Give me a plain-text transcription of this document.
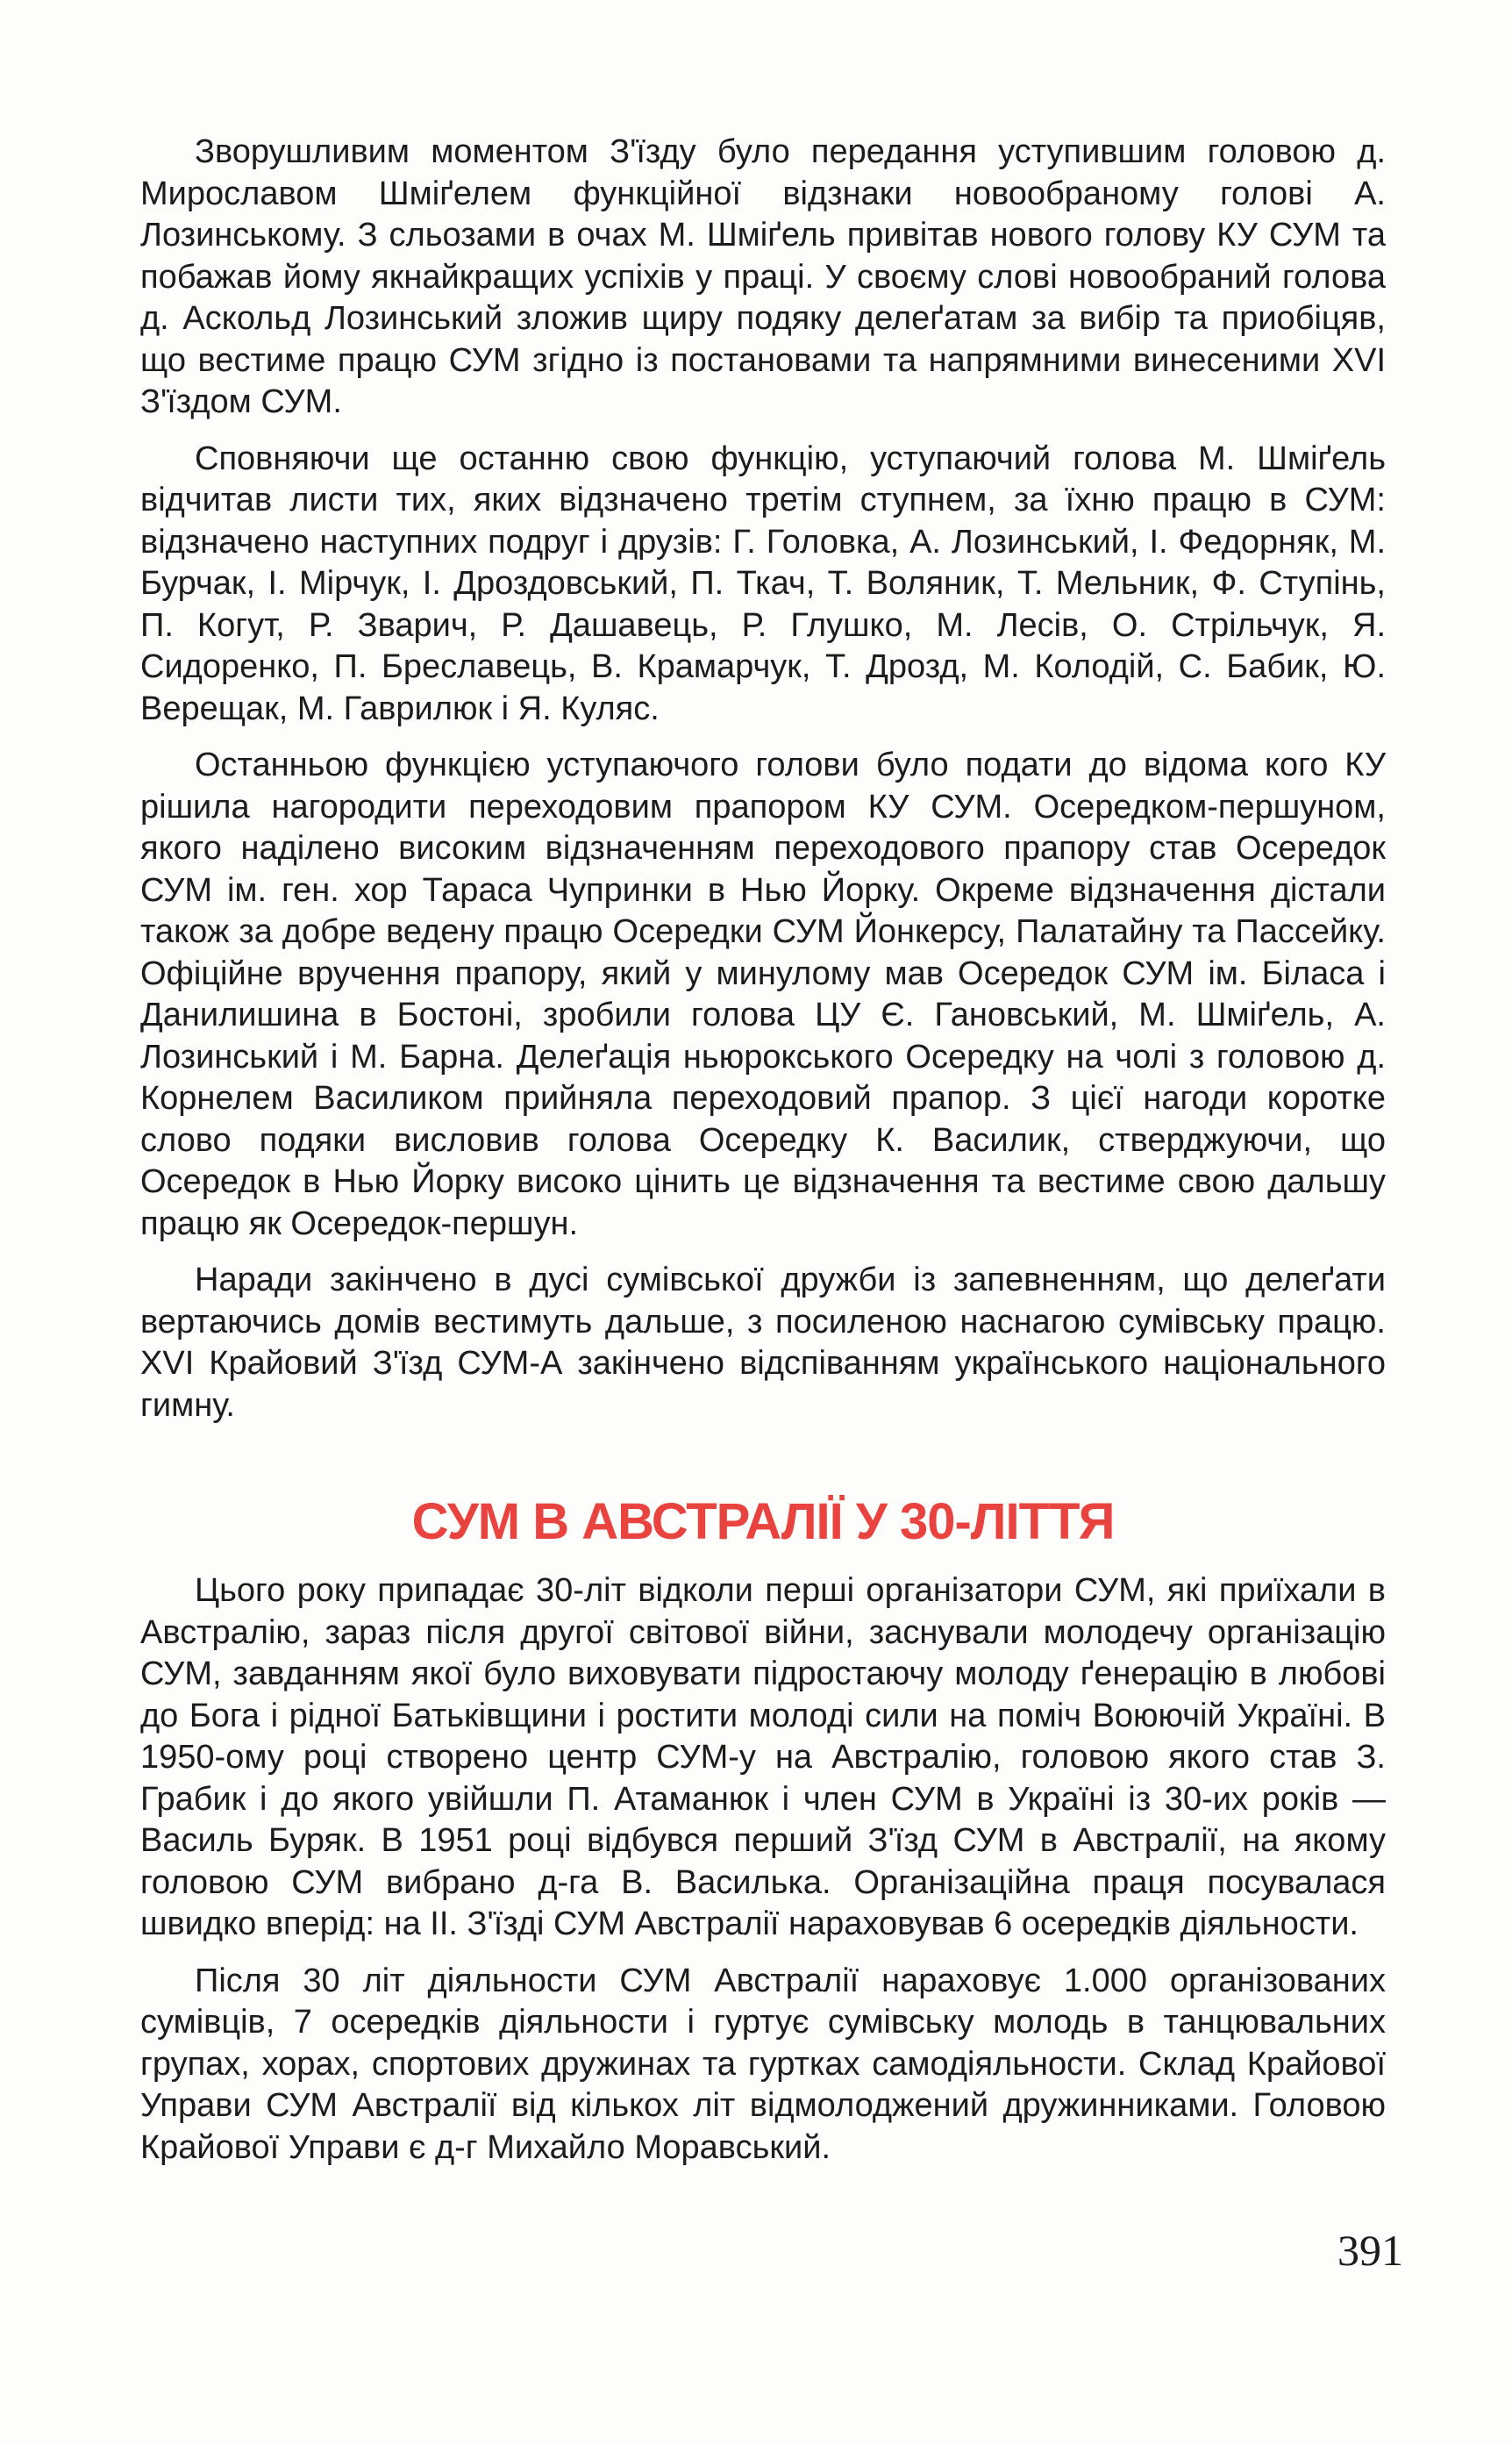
Зворушливим моментом З'їзду було передання уступившим головою д. Мирославом Шміґелем функційної відзнаки новообраному голові А. Лозинському. З сльозами в очах М. Шміґель привітав нового голову КУ СУМ та побажав йому якнайкращих успіхів у праці. У своєму слові новообраний голова д. Аскольд Лозинський зложив щиру подяку делеґатам за вибір та приобіцяв, що вестиме працю СУМ згідно із постановами та напрямними винесеними XVI З'їздом СУМ.

Сповняючи ще останню свою функцію, уступаючий голова М. Шміґель відчитав листи тих, яких відзначено третім ступнем, за їхню працю в СУМ: відзначено наступних подруг і друзів: Г. Головка, А. Лозинський, І. Федорняк, М. Бурчак, І. Мірчук, І. Дроздовський, П. Ткач, Т. Воляник, Т. Мельник, Ф. Ступінь, П. Когут, Р. Зварич, Р. Дашавець, Р. Глушко, М. Лесів, О. Стрільчук, Я. Сидоренко, П. Бреславець, В. Крамарчук, Т. Дрозд, М. Колодій, С. Бабик, Ю. Верещак, М. Гаврилюк і Я. Куляс.

Останньою функцією уступаючого голови було подати до відома кого КУ рішила нагородити переходовим прапором КУ СУМ. Осередком-першуном, якого наділено високим відзначенням переходового прапору став Осередок СУМ ім. ген. хор Тараса Чупринки в Нью Йорку. Окреме відзначення дістали також за добре ведену працю Осередки СУМ Йонкерсу, Палатайну та Пассейку. Офіційне вручення прапору, який у минулому мав Осередок СУМ ім. Біласа і Данилишина в Бостоні, зробили голова ЦУ Є. Гановський, М. Шміґель, А. Лозинський і М. Барна. Делеґація ньюрокського Осередку на чолі з головою д. Корнелем Василиком прийняла переходовий прапор. З цієї нагоди коротке слово подяки висловив голова Осередку К. Василик, стверджуючи, що Осередок в Нью Йорку високо цінить це відзначення та вестиме свою дальшу працю як Осередок-першун.

Наради закінчено в дусі сумівської дружби із запевненням, що делеґати вертаючись домів вестимуть дальше, з посиленою наснагою сумівську працю. XVI Крайовий З'їзд СУМ-А закінчено відспіванням українського національного гимну.

СУМ В АВСТРАЛІЇ У 30-ЛІТТЯ

Цього року припадає 30-літ відколи перші організатори СУМ, які приїхали в Австралію, зараз після другої світової війни, заснували молодечу організацію СУМ, завданням якої було виховувати підростаючу молоду ґенерацію в любові до Бога і рідної Батьківщини і ростити молоді сили на поміч Воюючій Україні. В 1950-ому році створено центр СУМ-у на Австралію, головою якого став З. Грабик і до якого увійшли П. Атаманюк і член СУМ в Україні із 30-их років — Василь Буряк. В 1951 році відбувся перший З'їзд СУМ в Австралії, на якому головою СУМ вибрано д-га В. Василька. Організаційна праця посувалася швидко вперід: на ІІ. З'їзді СУМ Австралії нараховував 6 осередків діяльности.

Після 30 літ діяльности СУМ Австралії нараховує 1.000 організованих сумівців, 7 осередків діяльности і гуртує сумівську молодь в танцювальних групах, хорах, спортових дружинах та гуртках самодіяльности. Склад Крайової Управи СУМ Австралії від кількох літ відмолоджений дружинниками. Головою Крайової Управи є д-г Михайло Моравський.

391
